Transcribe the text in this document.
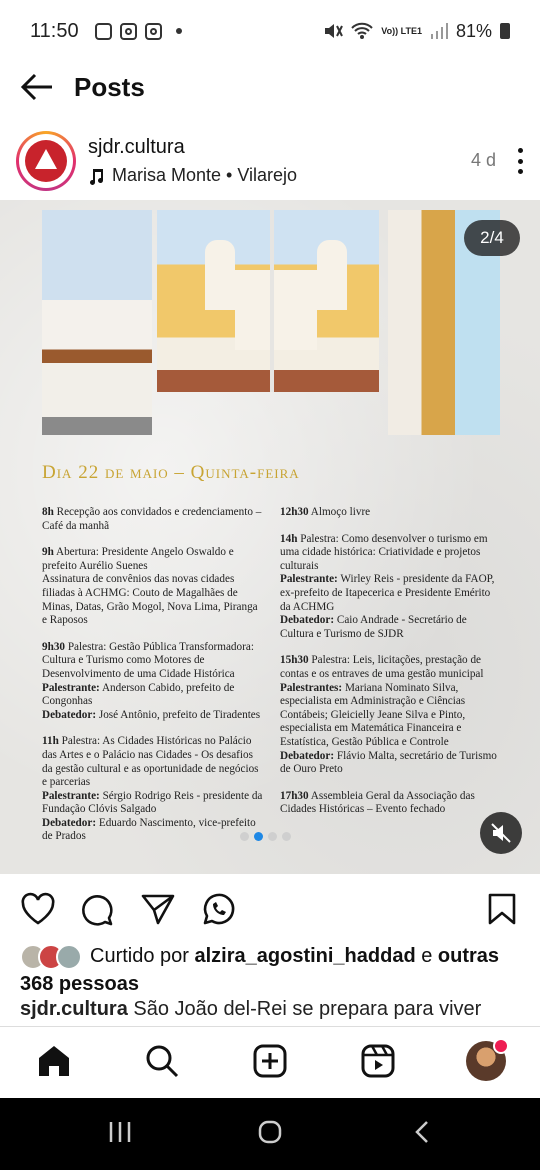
11:50	Vo)) LTE1 81%
Posts
sjdr.cultura
Marisa Monte • Vilarejo
4 d
2/4
Dia 22 de maio – Quinta-feira
8h Recepção aos convidados e credenciamento – Café da manhã
9h Abertura: Presidente Angelo Oswaldo e prefeito Aurélio Suenes
Assinatura de convênios das novas cidades filiadas à ACHMG: Couto de Magalhães de Minas, Datas, Grão Mogol, Nova Lima, Piranga e Raposos
9h30 Palestra: Gestão Pública Transformadora: Cultura e Turismo como Motores de Desenvolvimento de uma Cidade Histórica
Palestrante: Anderson Cabido, prefeito de Congonhas
Debatedor: José Antônio, prefeito de Tiradentes
11h Palestra: As Cidades Históricas no Palácio das Artes e o Palácio nas Cidades - Os desafios da gestão cultural e as oportunidade de negócios e parcerias
Palestrante: Sérgio Rodrigo Reis - presidente da Fundação Clóvis Salgado
Debatedor: Eduardo Nascimento, vice-prefeito de Prados
12h30 Almoço livre
14h Palestra: Como desenvolver o turismo em uma cidade histórica: Criatividade e projetos culturais
Palestrante: Wirley Reis - presidente da FAOP, ex-prefeito de Itapecerica e Presidente Emérito da ACHMG
Debatedor: Caio Andrade - Secretário de Cultura e Turismo de SJDR
15h30 Palestra: Leis, licitações, prestação de contas e os entraves de uma gestão municipal
Palestrantes: Mariana Nominato Silva, especialista em Administração e Ciências Contábeis; Gleicielly Jeane Silva e Pinto, especialista em Matemática Financeira e Estatística, Gestão Pública e Controle
Debatedor: Flávio Malta, secretário de Turismo de Ouro Preto
17h30 Assembleia Geral da Associação das Cidades Históricas – Evento fechado
Curtido por alzira_agostini_haddad e outras 368 pessoas
sjdr.cultura São João del-Rei se prepara para viver
